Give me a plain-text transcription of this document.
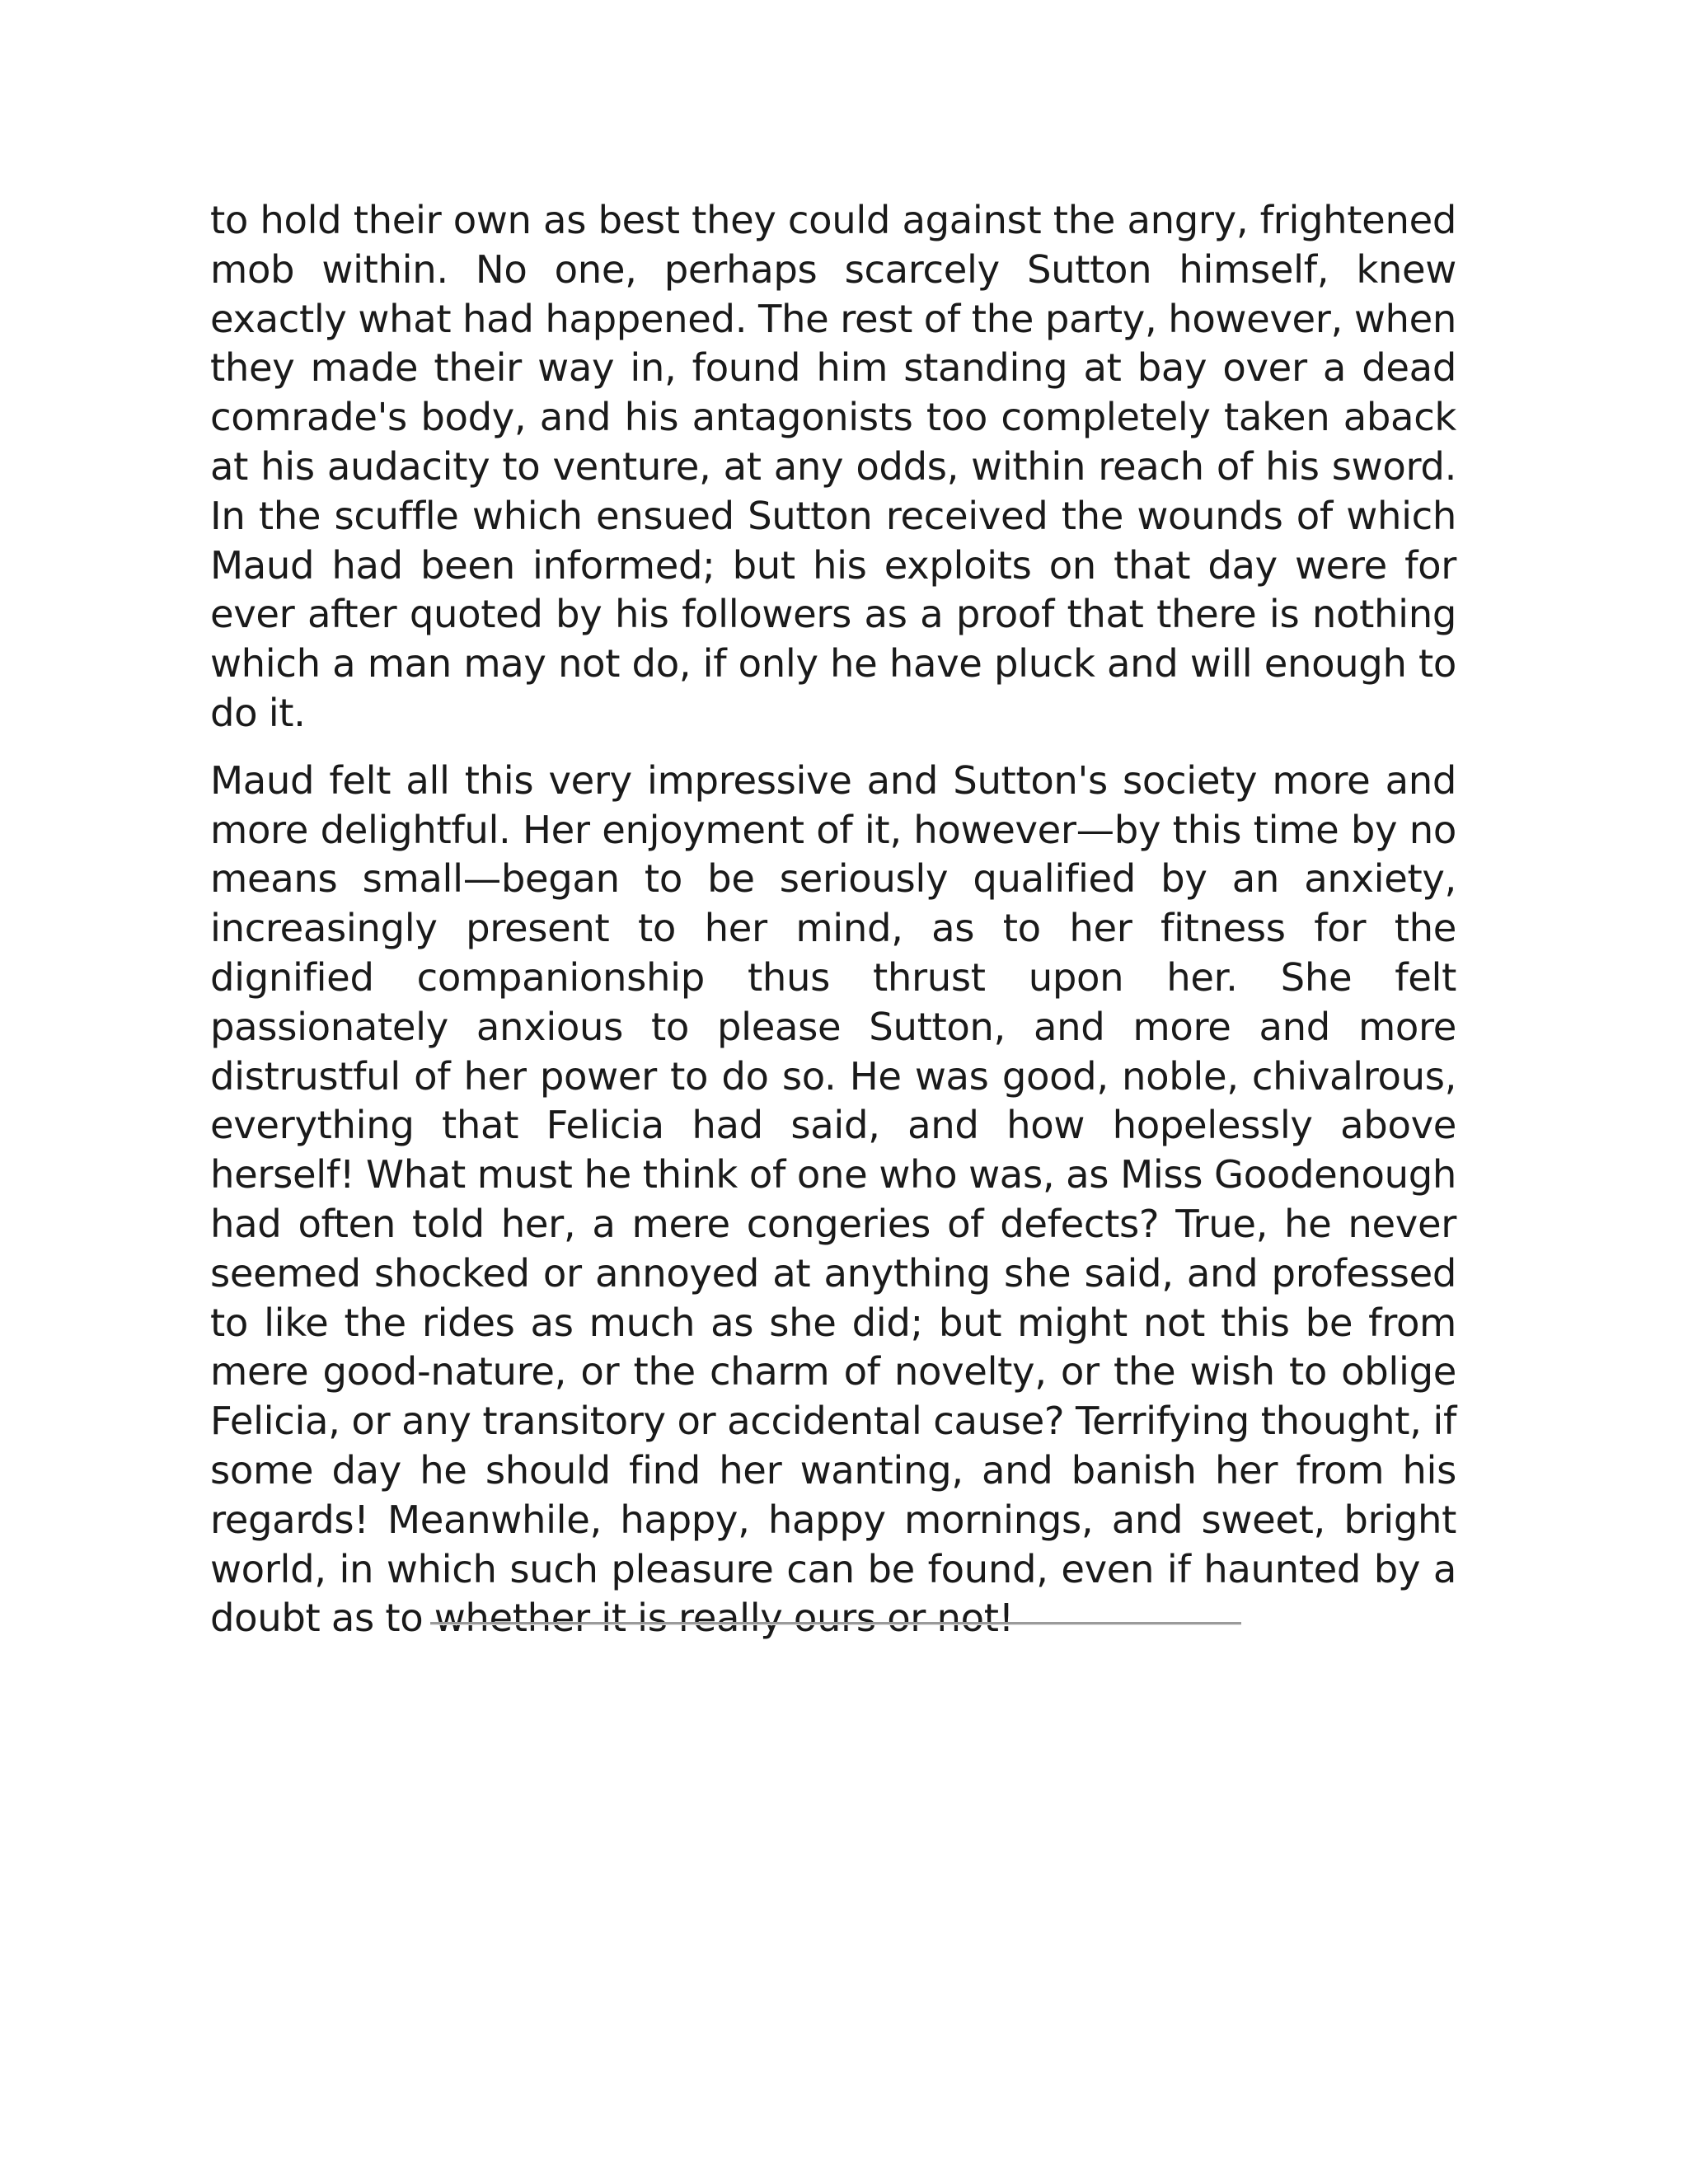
to hold their own as best they could against the angry, frightened mob within. No one, perhaps scarcely Sutton himself, knew exactly what had happened. The rest of the party, however, when they made their way in, found him standing at bay over a dead comrade's body, and his antagonists too completely taken aback at his audacity to venture, at any odds, within reach of his sword. In the scuffle which ensued Sutton received the wounds of which Maud had been informed; but his exploits on that day were for ever after quoted by his followers as a proof that there is nothing which a man may not do, if only he have pluck and will enough to do it.

Maud felt all this very impressive and Sutton's society more and more delightful. Her enjoyment of it, however—by this time by no means small—began to be seriously qualified by an anxiety, increasingly present to her mind, as to her fitness for the dignified companionship thus thrust upon her. She felt passionately anxious to please Sutton, and more and more distrustful of her power to do so. He was good, noble, chivalrous, everything that Felicia had said, and how hopelessly above herself! What must he think of one who was, as Miss Goodenough had often told her, a mere congeries of defects? True, he never seemed shocked or annoyed at anything she said, and professed to like the rides as much as she did; but might not this be from mere good-nature, or the charm of novelty, or the wish to oblige Felicia, or any transitory or accidental cause? Terrifying thought, if some day he should find her wanting, and banish her from his regards! Meanwhile, happy, happy mornings, and sweet, bright world, in which such pleasure can be found, even if haunted by a doubt as to whether it is really ours or not!
